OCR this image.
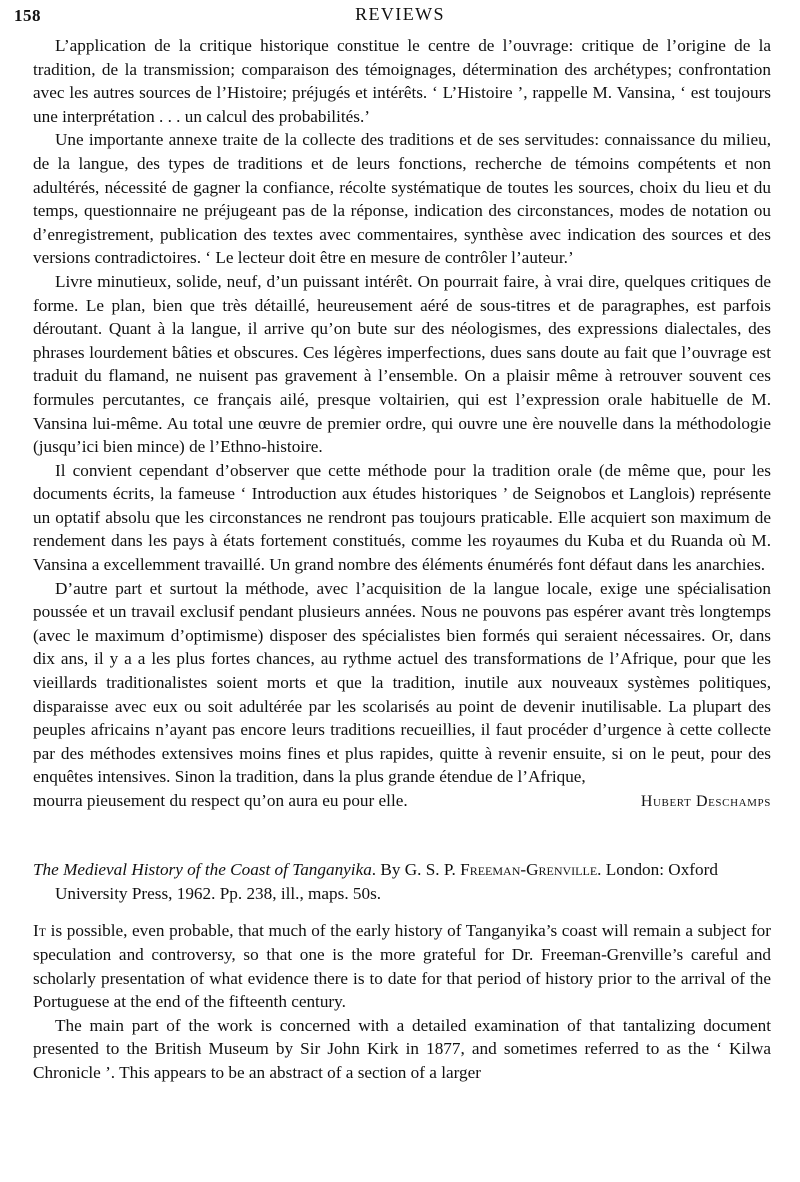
158	REVIEWS

L’application de la critique historique constitue le centre de l’ouvrage: critique de l’origine de la tradition, de la transmission; comparaison des témoignages, détermination des archétypes; confrontation avec les autres sources de l’Histoire; préjugés et intérêts. ‘ L’Histoire ’, rappelle M. Vansina, ‘ est toujours une interprétation . . . un calcul des probabilités.’

Une importante annexe traite de la collecte des traditions et de ses servitudes: connaissance du milieu, de la langue, des types de traditions et de leurs fonctions, recherche de témoins compétents et non adultérés, nécessité de gagner la confiance, récolte systématique de toutes les sources, choix du lieu et du temps, questionnaire ne préjugeant pas de la réponse, indication des circonstances, modes de notation ou d’enregistrement, publication des textes avec commentaires, synthèse avec indication des sources et des versions contradictoires. ‘ Le lecteur doit être en mesure de contrôler l’auteur.’

Livre minutieux, solide, neuf, d’un puissant intérêt. On pourrait faire, à vrai dire, quelques critiques de forme. Le plan, bien que très détaillé, heureusement aéré de sous-titres et de paragraphes, est parfois déroutant. Quant à la langue, il arrive qu’on bute sur des néologismes, des expressions dialectales, des phrases lourdement bâties et obscures. Ces légères imperfections, dues sans doute au fait que l’ouvrage est traduit du flamand, ne nuisent pas gravement à l’ensemble. On a plaisir même à retrouver souvent ces formules percutantes, ce français ailé, presque voltairien, qui est l’expression orale habituelle de M. Vansina lui-même. Au total une œuvre de premier ordre, qui ouvre une ère nouvelle dans la méthodologie (jusqu’ici bien mince) de l’Ethno-histoire.

Il convient cependant d’observer que cette méthode pour la tradition orale (de même que, pour les documents écrits, la fameuse ‘ Introduction aux études historiques ’ de Seignobos et Langlois) représente un optatif absolu que les circonstances ne rendront pas toujours praticable. Elle acquiert son maximum de rendement dans les pays à états fortement constitués, comme les royaumes du Kuba et du Ruanda où M. Vansina a excellemment travaillé. Un grand nombre des éléments énumérés font défaut dans les anarchies.

D’autre part et surtout la méthode, avec l’acquisition de la langue locale, exige une spécialisation poussée et un travail exclusif pendant plusieurs années. Nous ne pouvons pas espérer avant très longtemps (avec le maximum d’optimisme) disposer des spécialistes bien formés qui seraient nécessaires. Or, dans dix ans, il y a a les plus fortes chances, au rythme actuel des transformations de l’Afrique, pour que les vieillards traditionalistes soient morts et que la tradition, inutile aux nouveaux systèmes politiques, disparaisse avec eux ou soit adultérée par les scolarisés au point de devenir inutilisable. La plupart des peuples africains n’ayant pas encore leurs traditions recueillies, il faut procéder d’urgence à cette collecte par des méthodes extensives moins fines et plus rapides, quitte à revenir ensuite, si on le peut, pour des enquêtes intensives. Sinon la tradition, dans la plus grande étendue de l’Afrique,

mourra pieusement du respect qu’on aura eu pour elle.	Hubert Deschamps

The Medieval History of the Coast of Tanganyika. By G. S. P. Freeman-Grenville. London: Oxford University Press, 1962. Pp. 238, ill., maps. 50s.

It is possible, even probable, that much of the early history of Tanganyika’s coast will remain a subject for speculation and controversy, so that one is the more grateful for Dr. Freeman-Grenville’s careful and scholarly presentation of what evidence there is to date for that period of history prior to the arrival of the Portuguese at the end of the fifteenth century.

The main part of the work is concerned with a detailed examination of that tantalizing document presented to the British Museum by Sir John Kirk in 1877, and sometimes referred to as the ‘ Kilwa Chronicle ’. This appears to be an abstract of a section of a larger
